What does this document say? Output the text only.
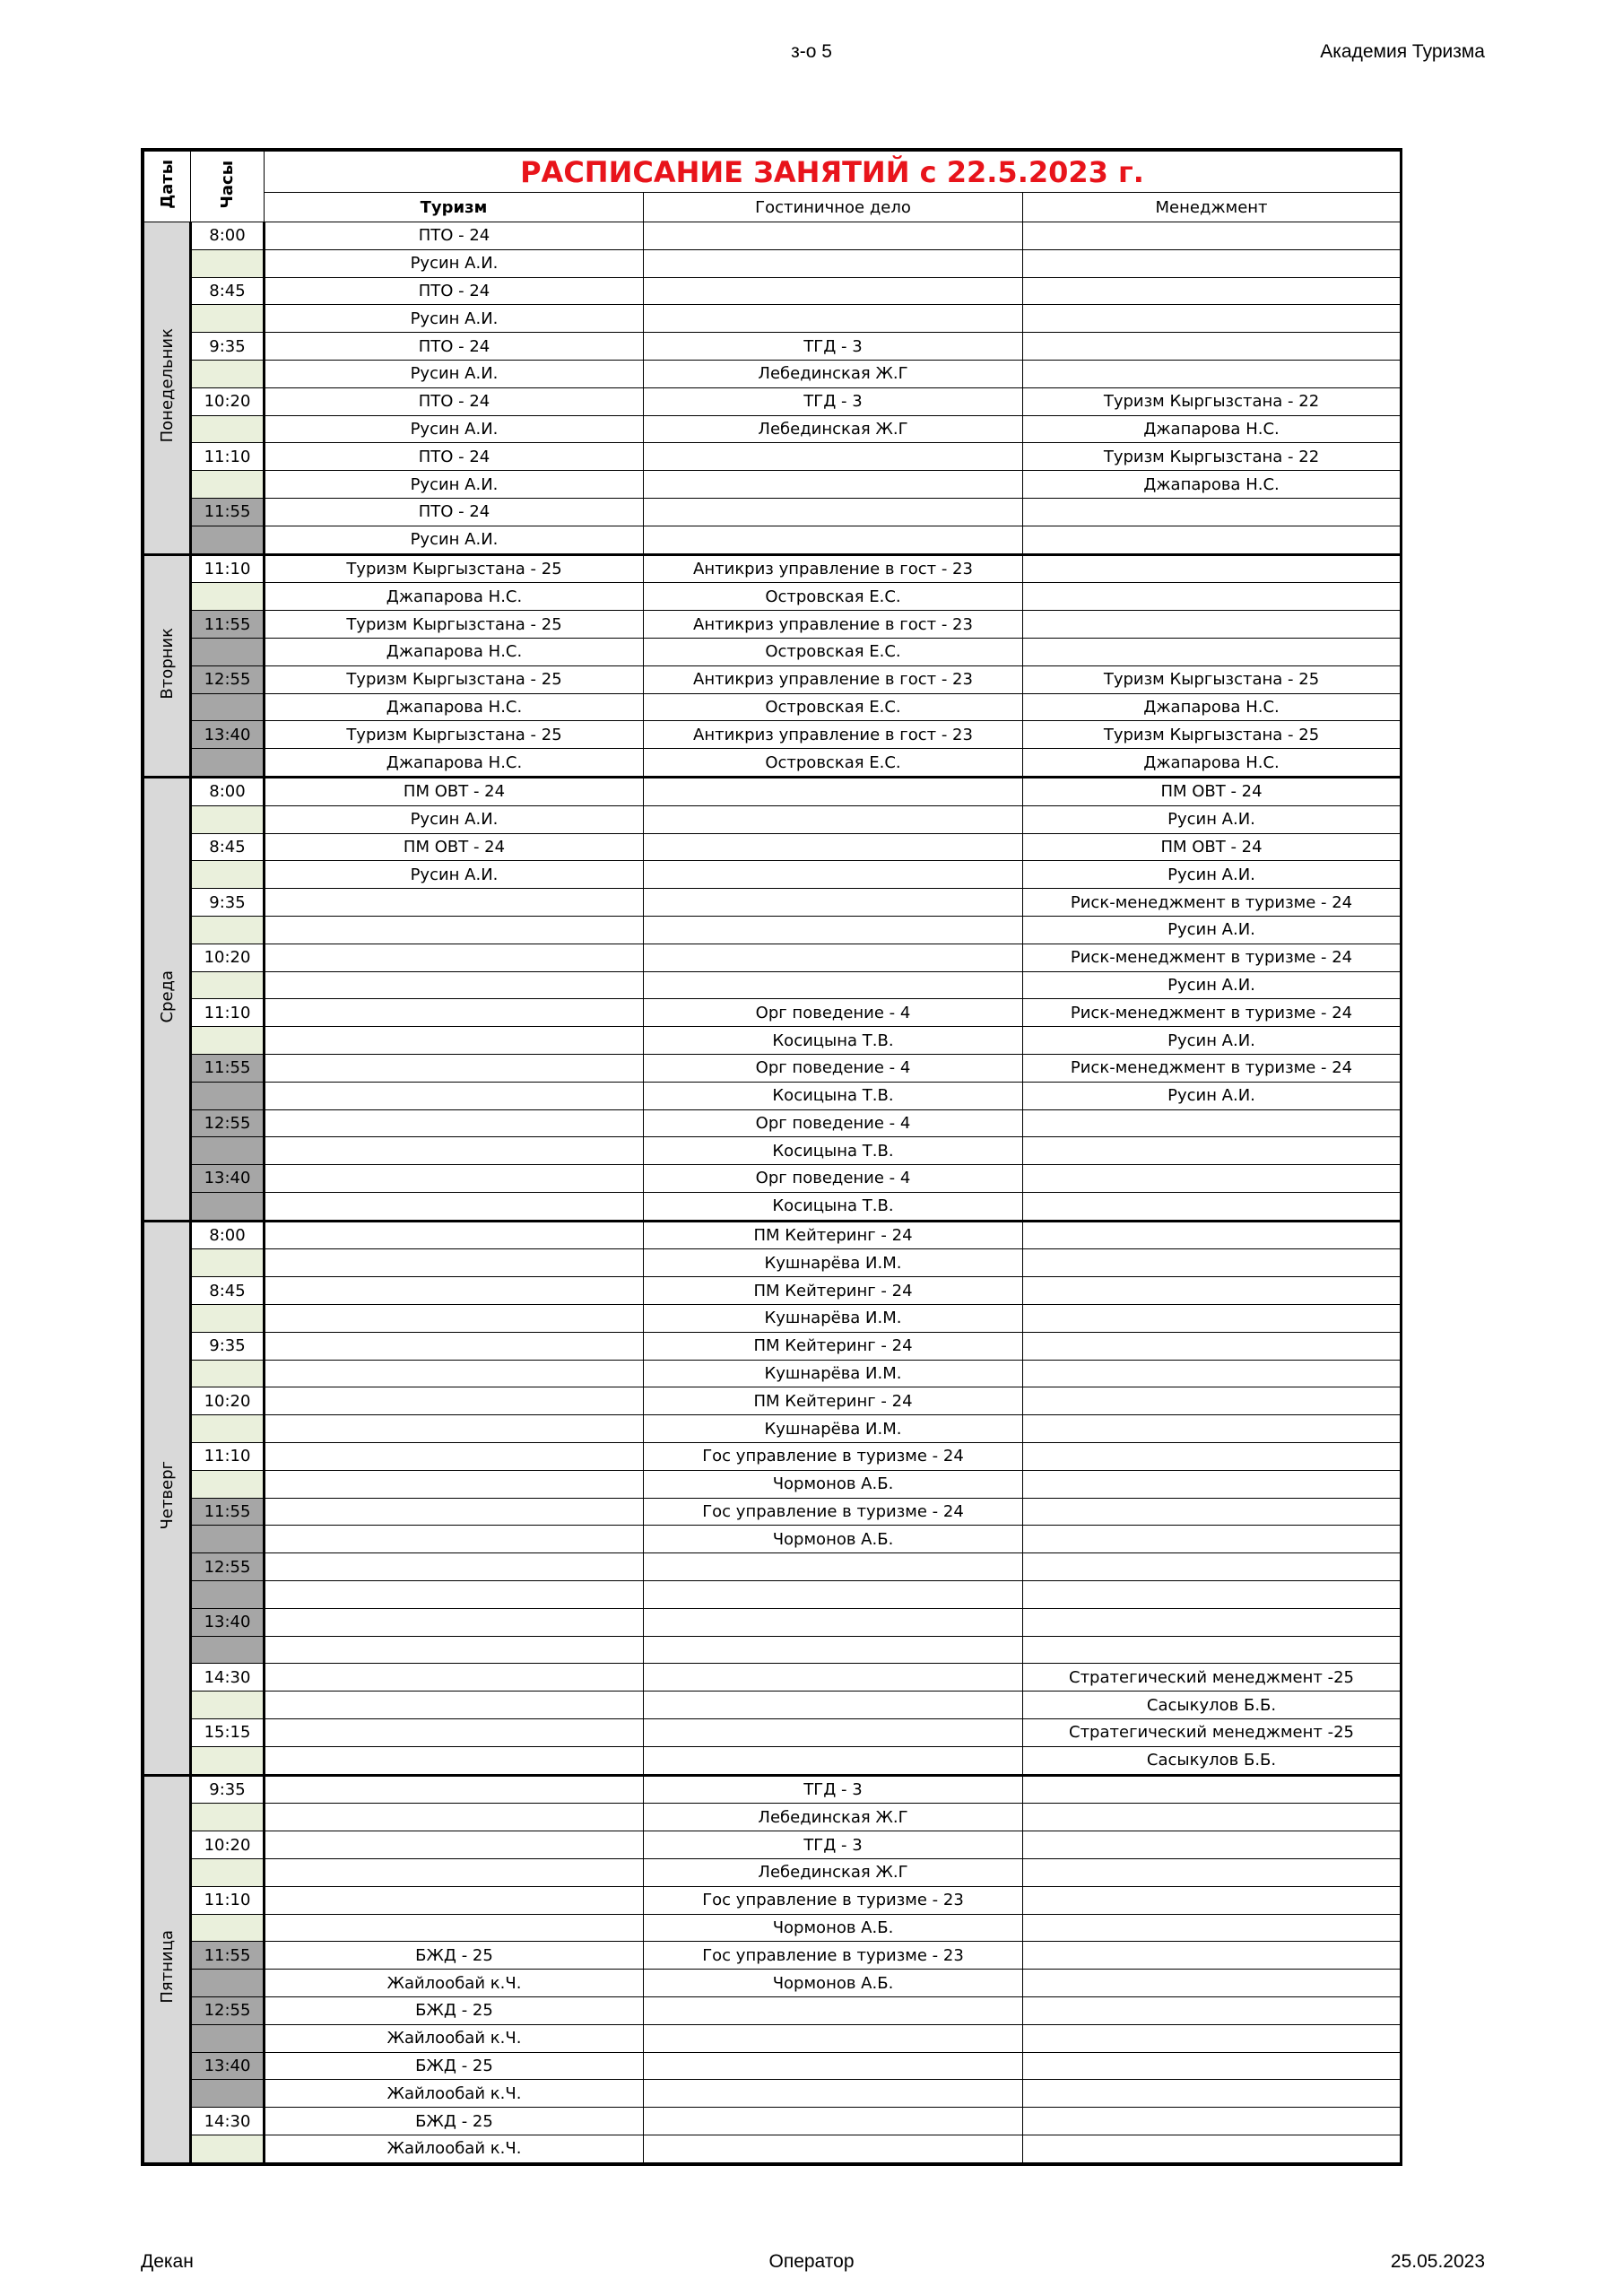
з-о 5	Академия Туризма
Даты	Часы	РАСПИСАНИЕ ЗАНЯТИЙ с 22.5.2023 г.		
		Туризм	Гостиничное дело	Менеджмент
Понедельник	8:00	ПТО - 24		
		Русин А.И.		
	8:45	ПТО - 24		
		Русин А.И.		
	9:35	ПТО - 24	ТГД - 3	
		Русин А.И.	Лебединская Ж.Г	
	10:20	ПТО - 24	ТГД - 3	Туризм Кыргызстана - 22
		Русин А.И.	Лебединская Ж.Г	Джапарова Н.С.
	11:10	ПТО - 24		Туризм Кыргызстана - 22
		Русин А.И.		Джапарова Н.С.
	11:55	ПТО - 24		
		Русин А.И.		
Вторник	11:10	Туризм Кыргызстана - 25	Антикриз управление в гост - 23	
		Джапарова Н.С.	Островская Е.С.	
	11:55	Туризм Кыргызстана - 25	Антикриз управление в гост - 23	
		Джапарова Н.С.	Островская Е.С.	
	12:55	Туризм Кыргызстана - 25	Антикриз управление в гост - 23	Туризм Кыргызстана - 25
		Джапарова Н.С.	Островская Е.С.	Джапарова Н.С.
	13:40	Туризм Кыргызстана - 25	Антикриз управление в гост - 23	Туризм Кыргызстана - 25
		Джапарова Н.С.	Островская Е.С.	Джапарова Н.С.
Среда	8:00	ПМ ОВТ - 24		ПМ ОВТ - 24
		Русин А.И.		Русин А.И.
	8:45	ПМ ОВТ - 24		ПМ ОВТ - 24
		Русин А.И.		Русин А.И.
	9:35			Риск-менеджмент в туризме - 24
				Русин А.И.
	10:20			Риск-менеджмент в туризме - 24
				Русин А.И.
	11:10		Орг поведение - 4	Риск-менеджмент в туризме - 24
			Косицына Т.В.	Русин А.И.
	11:55		Орг поведение - 4	Риск-менеджмент в туризме - 24
			Косицына Т.В.	Русин А.И.
	12:55		Орг поведение - 4	
			Косицына Т.В.	
	13:40		Орг поведение - 4	
			Косицына Т.В.	
Четверг	8:00		ПМ Кейтеринг - 24	
			Кушнарёва И.М.	
	8:45		ПМ Кейтеринг - 24	
			Кушнарёва И.М.	
	9:35		ПМ Кейтеринг - 24	
			Кушнарёва И.М.	
	10:20		ПМ Кейтеринг - 24	
			Кушнарёва И.М.	
	11:10		Гос управление в туризме - 24	
			Чормонов А.Б.	
	11:55		Гос управление в туризме - 24	
			Чормонов А.Б.	
	12:55			

	13:40			

	14:30			Стратегический менеджмент -25
				Сасыкулов Б.Б.
	15:15			Стратегический менеджмент -25
				Сасыкулов Б.Б.
Пятница	9:35		ТГД - 3	
			Лебединская Ж.Г	
	10:20		ТГД - 3	
			Лебединская Ж.Г	
	11:10		Гос управление в туризме - 23	
			Чормонов А.Б.	
	11:55	БЖД - 25	Гос управление в туризме - 23	
		Жайлообай к.Ч.	Чормонов А.Б.	
	12:55	БЖД - 25		
		Жайлообай к.Ч.		
	13:40	БЖД - 25		
		Жайлообай к.Ч.		
	14:30	БЖД - 25		
		Жайлообай к.Ч.		
Декан	Оператор	25.05.2023
